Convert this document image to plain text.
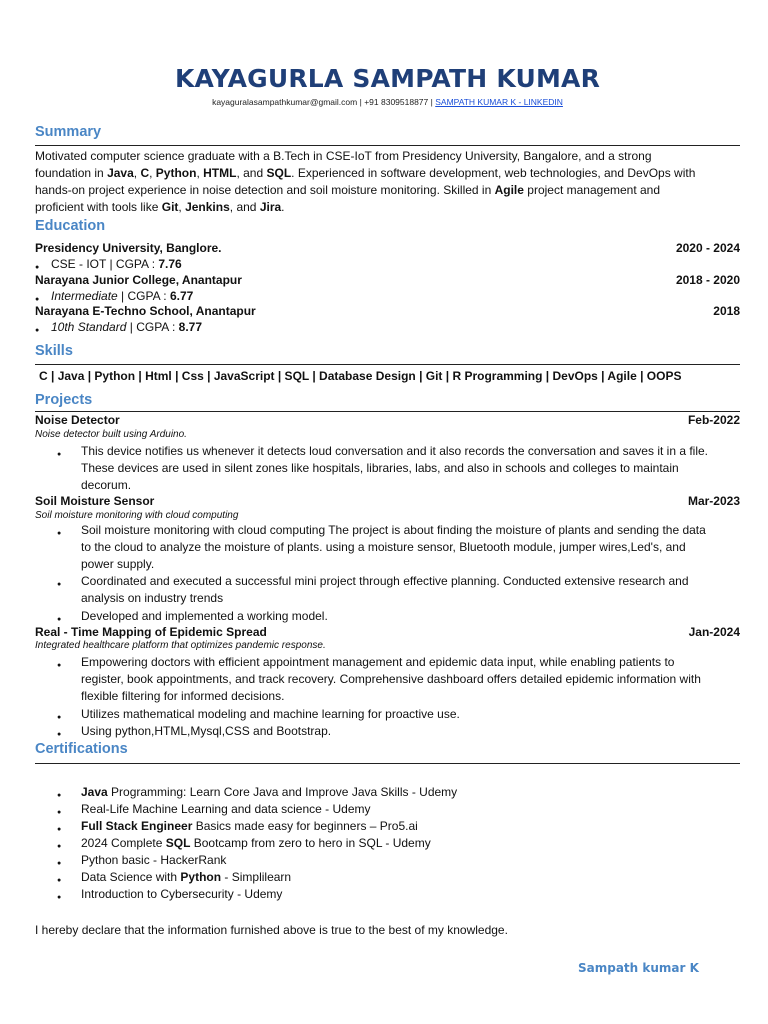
KAYAGURLA SAMPATH KUMAR
kayaguralasampathkumar@gmail.com | +91 8309518877 | SAMPATH KUMAR K - LINKEDIN
Summary
Motivated computer science graduate with a B.Tech in CSE-IoT from Presidency University, Bangalore, and a strong
foundation in Java, C, Python, HTML, and SQL. Experienced in software development, web technologies, and DevOps with
hands-on project experience in noise detection and soil moisture monitoring. Skilled in Agile project management and
proficient with tools like Git, Jenkins, and Jira.
Education
Presidency University, Banglore.	2020 - 2024
● CSE - IOT | CGPA : 7.76
Narayana Junior College, Anantapur	2018 - 2020
● Intermediate | CGPA : 6.77
Narayana E-Techno School, Anantapur	2018
● 10th Standard | CGPA : 8.77
Skills
C | Java | Python | Html | Css | JavaScript | SQL | Database Design | Git | R Programming | DevOps | Agile | OOPS
Projects
Noise Detector	Feb-2022
Noise detector built using Arduino.
● This device notifies us whenever it detects loud conversation and it also records the conversation and saves it in a file.
These devices are used in silent zones like hospitals, libraries, labs, and also in schools and colleges to maintain
decorum.
Soil Moisture Sensor	Mar-2023
Soil moisture monitoring with cloud computing
● Soil moisture monitoring with cloud computing The project is about finding the moisture of plants and sending the data
to the cloud to analyze the moisture of plants. using a moisture sensor, Bluetooth module, jumper wires,Led's, and
power supply.
● Coordinated and executed a successful mini project through effective planning. Conducted extensive research and
analysis on industry trends
● Developed and implemented a working model.
Real - Time Mapping of Epidemic Spread	Jan-2024
Integrated healthcare platform that optimizes pandemic response.
● Empowering doctors with efficient appointment management and epidemic data input, while enabling patients to
register, book appointments, and track recovery. Comprehensive dashboard offers detailed epidemic information with
flexible filtering for informed decisions.
● Utilizes mathematical modeling and machine learning for proactive use.
● Using python,HTML,Mysql,CSS and Bootstrap.
Certifications
● Java Programming: Learn Core Java and Improve Java Skills - Udemy
● Real-Life Machine Learning and data science - Udemy
● Full Stack Engineer Basics made easy for beginners – Pro5.ai
● 2024 Complete SQL Bootcamp from zero to hero in SQL - Udemy
● Python basic - HackerRank
● Data Science with Python - Simplilearn
● Introduction to Cybersecurity - Udemy
I hereby declare that the information furnished above is true to the best of my knowledge.
Sampath kumar K
